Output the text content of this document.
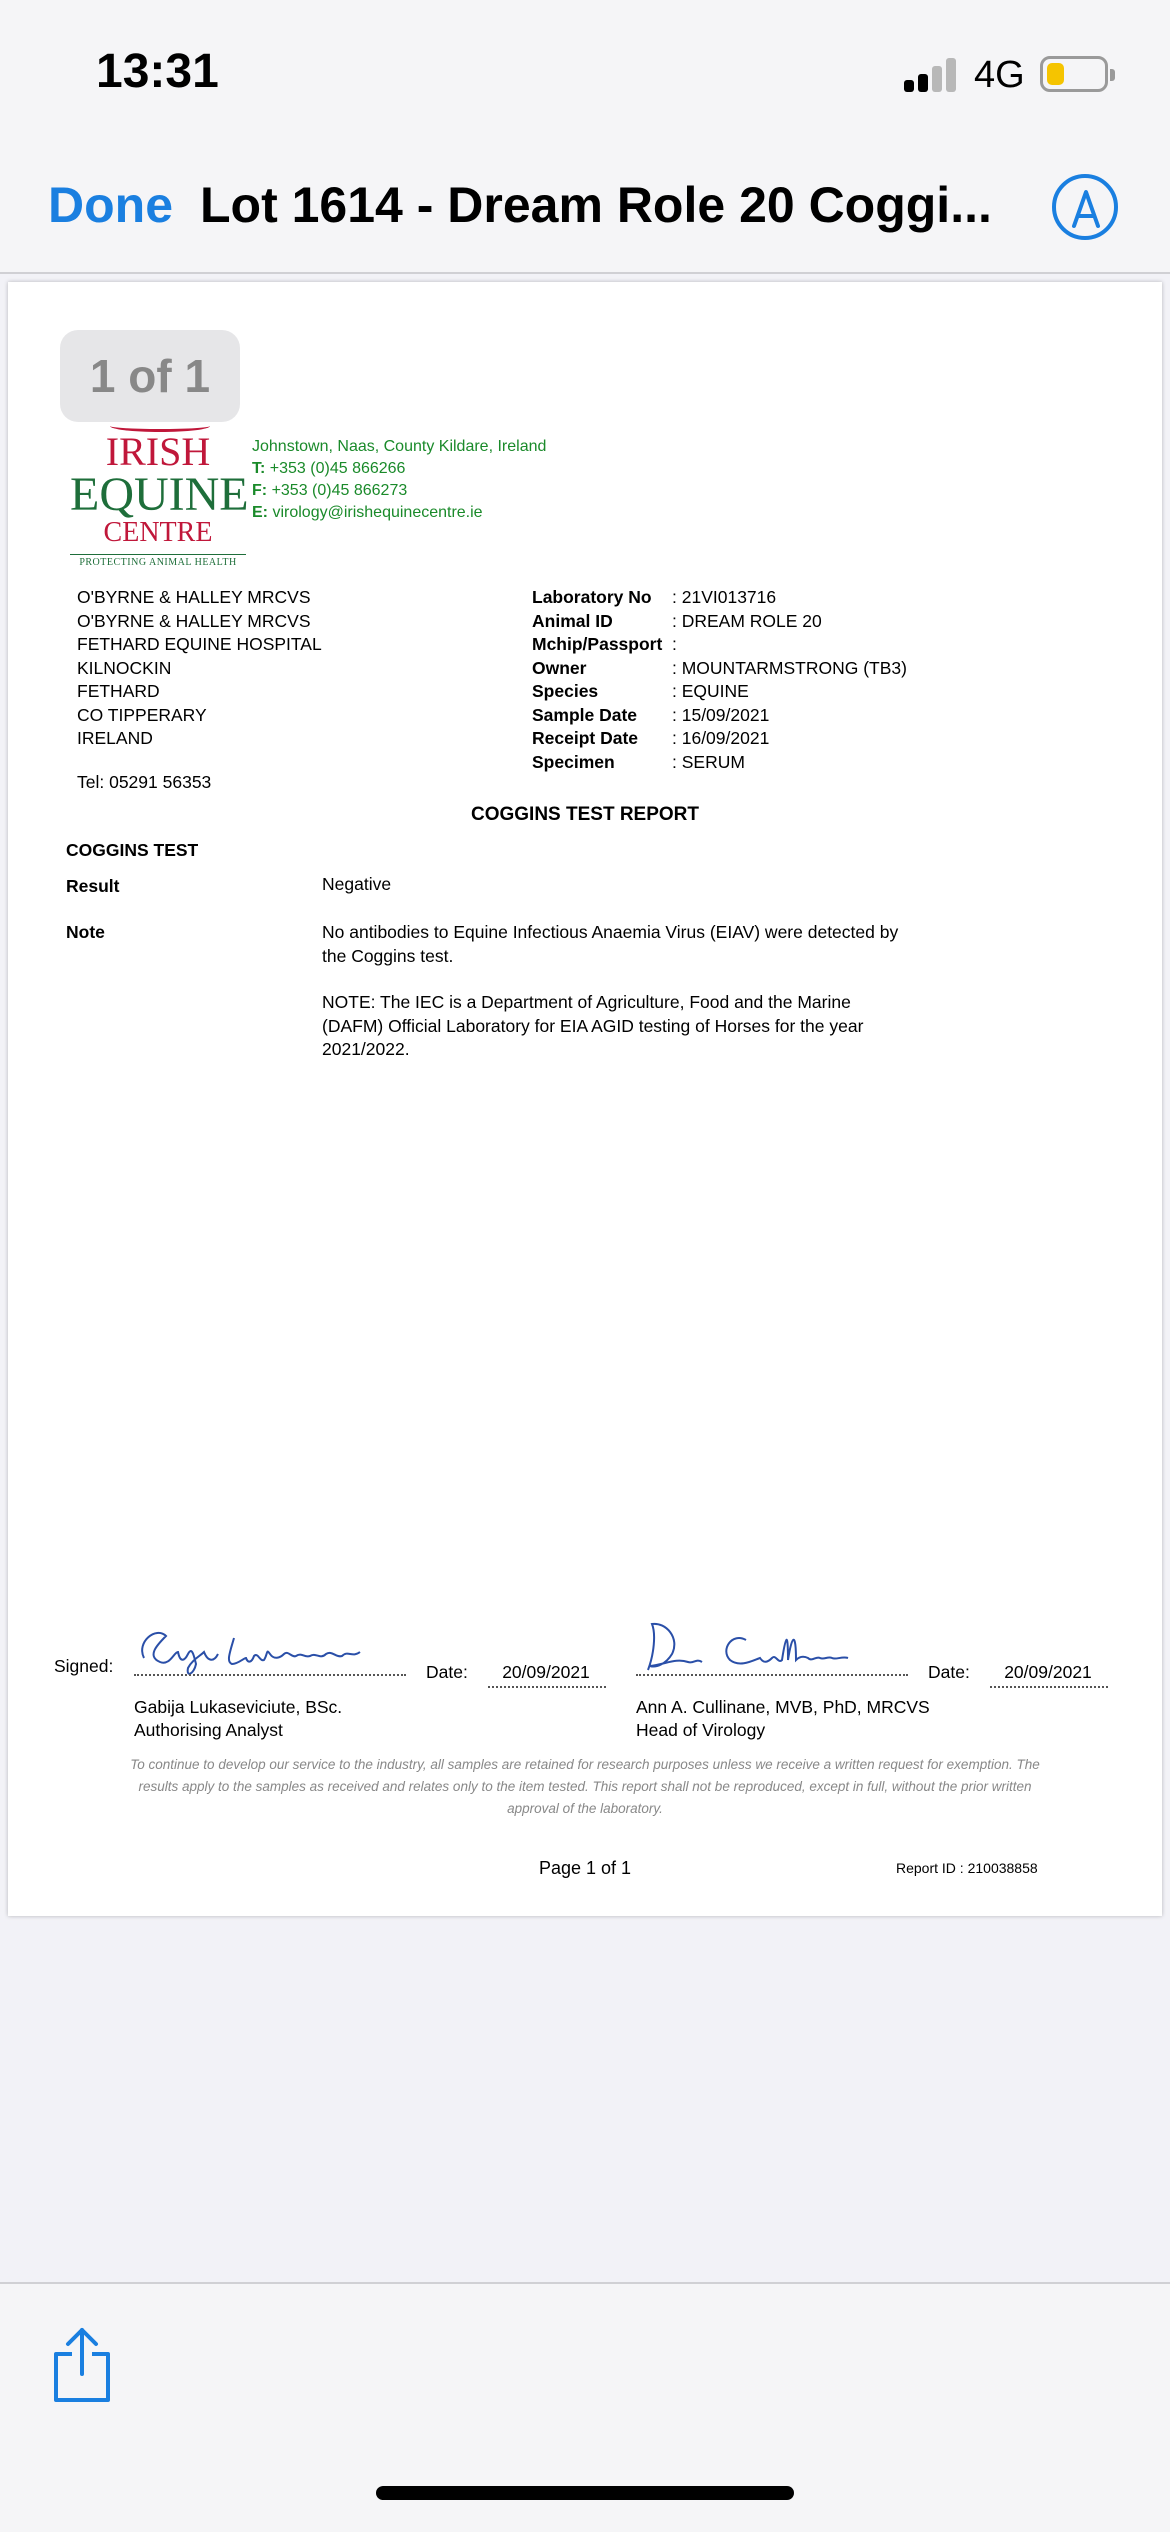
13:31	4G
Done Lot 1614 - Dream Role 20 Coggi...
IRISH
EQUINE
CENTRE
PROTECTING ANIMAL HEALTH
1 of 1
Johnstown, Naas, County Kildare, Ireland
T: +353 (0)45 866266
F: +353 (0)45 866273
E: virology@irishequinecentre.ie
O'BYRNE & HALLEY MRCVS
O'BYRNE & HALLEY MRCVS
FETHARD EQUINE HOSPITAL
KILNOCKIN
FETHARD
CO TIPPERARY
IRELAND
Tel: 05291 56353
Laboratory No	: 21VI013716
Animal ID	: DREAM ROLE 20
Mchip/Passport :
Owner	: MOUNTARMSTRONG (TB3)
Species	: EQUINE
Sample Date	: 15/09/2021
Receipt Date	: 16/09/2021
Specimen	: SERUM
COGGINS TEST REPORT
COGGINS TEST
Result	Negative
Note	No antibodies to Equine Infectious Anaemia Virus (EIAV) were detected by the Coggins test.
NOTE: The IEC is a Department of Agriculture, Food and the Marine (DAFM) Official Laboratory for EIA AGID testing of Horses for the year 2021/2022.
Signed:	Date:	20/09/2021
Gabija Lukaseviciute, BSc.
Authorising Analyst
Date:	20/09/2021
Ann A. Cullinane, MVB, PhD, MRCVS
Head of Virology
To continue to develop our service to the industry, all samples are retained for research purposes unless we receive a written request for exemption. The results apply to the samples as received and relates only to the item tested. This report shall not be reproduced, except in full, without the prior written approval of the laboratory.
Page 1 of 1	Report ID : 210038858
